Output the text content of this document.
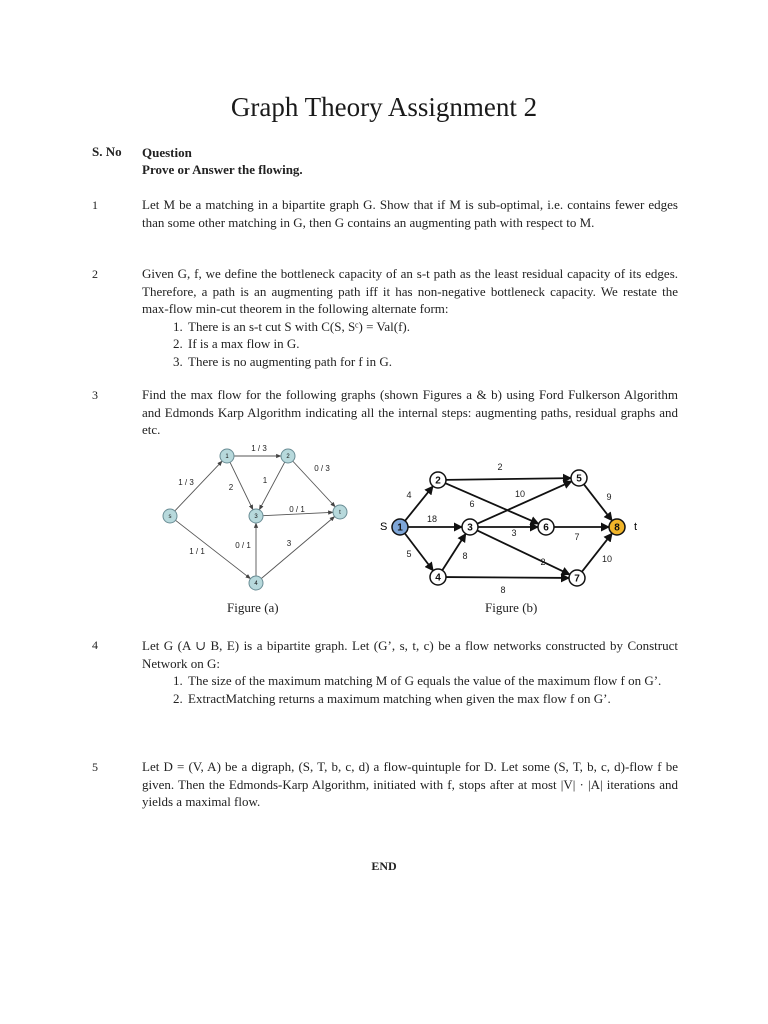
Graph Theory Assignment 2
S. No Question
Prove or Answer the flowing.
1	Let M be a matching in a bipartite graph G. Show that if M is sub-optimal, i.e. contains fewer edges than some other matching in G, then G contains an augmenting path with respect to M.

2	Given G, f, we define the bottleneck capacity of an s-t path as the least residual capacity of its edges. Therefore, a path is an augmenting path iff it has non-negative bottleneck capacity. We restate the max-flow min-cut theorem in the following alternate form:

1. There is an s-t cut S with C(S, Sᶜ) = Val(f).
2. If is a max flow in G.
3. There is no augmenting path for f in G.
3	Find the max flow for the following graphs (shown Figures a & b) using Ford Fulkerson Algorithm and Edmonds Karp Algorithm indicating all the internal steps: augmenting paths, residual graphs and etc.

1 / 3
1 / 3
0 / 3
2
1
0 / 1
1 / 1
0 / 1	3
s
1	2
3
4
t
Figure (a)
4
18
5
2
6
10
3
2
8
8
9
7
10
1
2
3
4
5
6
7
8
S	t
Figure (b)
4	Let G (A ∪ B, E) is a bipartite graph. Let (G’, s, t, c) be a flow networks constructed by Construct Network on G:

1. The size of the maximum matching M of G equals the value of the maximum flow f on G’.
2. ExtractMatching returns a maximum matching when given the max flow f on G’.
5	Let D = (V, A) be a digraph, (S, T, b, c, d) a flow-quintuple for D. Let some (S, T, b, c, d)-flow f be given. Then the Edmonds-Karp Algorithm, initiated with f, stops after at most |V| · |A| iterations and yields a maximal flow.

END
